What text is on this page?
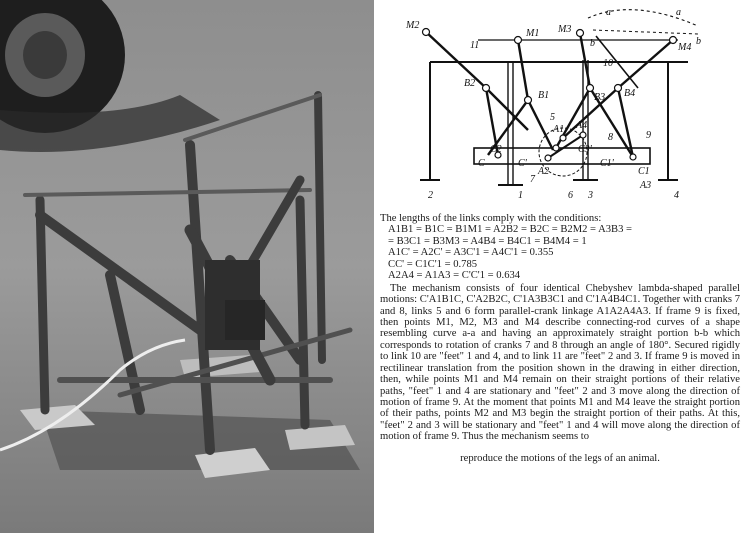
M2
M1 M3
M4
B2
B1	B3 B4
A4
A1
A2
A3
C	C'
C2
C1'
C3'
C1
a	a
b	b
11
10
5
6
7
8	9
2	1	3	4

The lengths of the links comply with the conditions:

A1B1 = B1C = B1M1 = A2B2 = B2C = B2M2 = A3B3 =

= B3C1 = B3M3 = A4B4 = B4C1 = B4M4 = 1

A1C' = A2C' = A3C'1 = A4C'1 = 0.355

CC' = C1C'1 = 0.785

A2A4 = A1A3 = C'C'1 = 0.634

The mechanism consists of four identical Chebyshev lambda-shaped parallel motions: C'A1B1C, C'A2B2C, C'1A3B3C1 and C'1A4B4C1. Together with cranks 7 and 8, links 5 and 6 form parallel-crank linkage A1A2A4A3. If frame 9 is fixed, then points M1, M2, M3 and M4 describe connecting-rod curves of a shape resembling curve a-a and having an approximately straight portion b-b which corresponds to rotation of cranks 7 and 8 through an angle of 180°. Secured rigidly to link 10 are "feet" 1 and 4, and to link 11 are "feet" 2 and 3. If frame 9 is moved in rectilinear translation from the position shown in the drawing in either direction, then, while points M1 and M4 remain on their straight portions of their relative paths, "feet" 1 and 4 are stationary and "feet" 2 and 3 move along the direction of motion of frame 9. At the moment that points M1 and M4 leave the straight portion of their paths, points M2 and M3 begin the straight portion of their paths. At this, "feet" 2 and 3 will be stationary and "feet" 1 and 4 will move along the direction of motion of frame 9. Thus the mechanism seems to

reproduce the motions of the legs of an animal.
